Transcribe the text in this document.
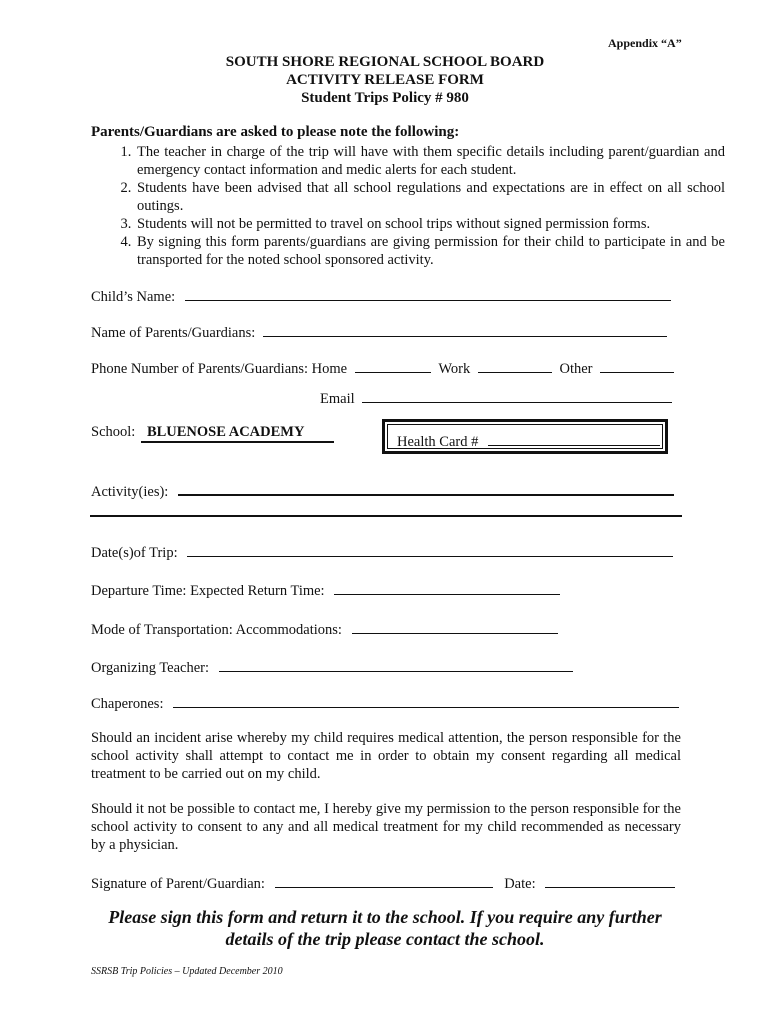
Appendix “A”
SOUTH SHORE REGIONAL SCHOOL BOARD
ACTIVITY RELEASE FORM
Student Trips Policy # 980
Parents/Guardians are asked to please note the following:
1. The teacher in charge of the trip will have with them specific details including parent/guardian and emergency contact information and medic alerts for each student.
2. Students have been advised that all school regulations and expectations are in effect on all school outings.
3. Students will not be permitted to travel on school trips without signed permission forms.
4. By signing this form parents/guardians are giving permission for their child to participate in and be transported for the noted school sponsored activity.
Child’s Name:
Name of Parents/Guardians:
Phone Number of Parents/Guardians: Home	Work	Other
Email
School: BLUENOSE ACADEMY
Health Card #
Activity(ies):
Date(s)of Trip:
Departure Time: Expected Return Time:
Mode of Transportation: Accommodations:
Organizing Teacher:
Chaperones:
Should an incident arise whereby my child requires medical attention, the person responsible for the school activity shall attempt to contact me in order to obtain my consent regarding all medical treatment to be carried out on my child.
Should it not be possible to contact me, I hereby give my permission to the person responsible for the school activity to consent to any and all medical treatment for my child recommended as necessary by a physician.
Signature of Parent/Guardian:	Date:
Please sign this form and return it to the school. If you require any further
details of the trip please contact the school.
SSRSB Trip Policies – Updated December 2010
